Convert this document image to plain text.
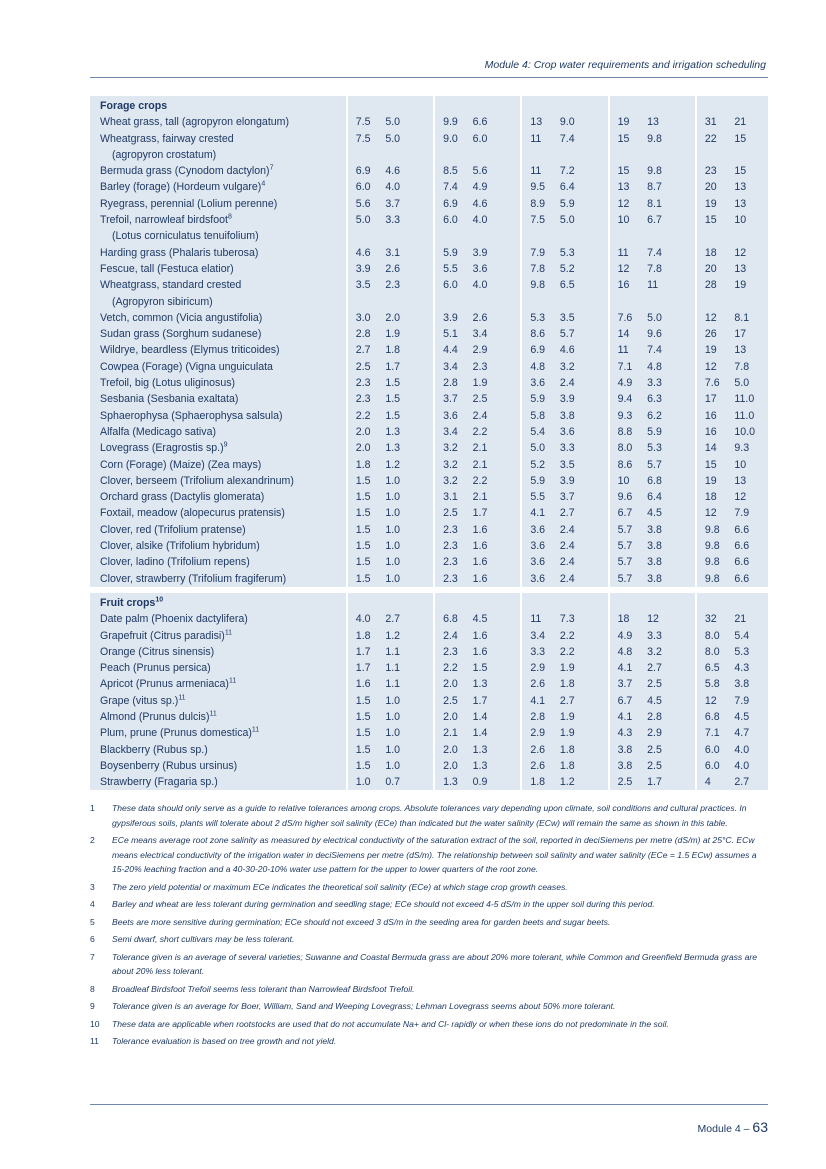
Module 4: Crop water requirements and irrigation scheduling
Forage crops										
Wheat grass, tall (agropyron elongatum)	7.5	5.0	9.9	6.6	13	9.0	19	13	31	21
Wheatgrass, fairway crested
(agropyron crostatum)	7.5	5.0	9.0	6.0	11	7.4	15	9.8	22	15
Bermuda grass (Cynodom dactylon)$^7$	6.9	4.6	8.5	5.6	11	7.2	15	9.8	23	15
Barley (forage) (Hordeum vulgare)$^4$	6.0	4.0	7.4	4.9	9.5	6.4	13	8.7	20	13
Ryegrass, perennial (Lolium perenne)	5.6	3.7	6.9	4.6	8.9	5.9	12	8.1	19	13
Trefoil, narrowleaf birdsfoot$^8$
(Lotus corniculatus tenuifolium)	5.0	3.3	6.0	4.0	7.5	5.0	10	6.7	15	10
Harding grass (Phalaris tuberosa)	4.6	3.1	5.9	3.9	7.9	5.3	11	7.4	18	12
Fescue, tall (Festuca elatior)	3.9	2.6	5.5	3.6	7.8	5.2	12	7.8	20	13
Wheatgrass, standard crested
(Agropyron sibiricum)	3.5	2.3	6.0	4.0	9.8	6.5	16	11	28	19
Vetch, common (Vicia angustifolia)	3.0	2.0	3.9	2.6	5.3	3.5	7.6	5.0	12	8.1
Sudan grass (Sorghum sudanese)	2.8	1.9	5.1	3.4	8.6	5.7	14	9.6	26	17
Wildrye, beardless (Elymus triticoides)	2.7	1.8	4.4	2.9	6.9	4.6	11	7.4	19	13
Cowpea (Forage) (Vigna unguiculata	2.5	1.7	3.4	2.3	4.8	3.2	7.1	4.8	12	7.8
Trefoil, big (Lotus uliginosus)	2.3	1.5	2.8	1.9	3.6	2.4	4.9	3.3	7.6	5.0
Sesbania (Sesbania exaltata)	2.3	1.5	3.7	2.5	5.9	3.9	9.4	6.3	17	11.0
Sphaerophysa (Sphaerophysa salsula)	2.2	1.5	3.6	2.4	5.8	3.8	9.3	6.2	16	11.0
Alfalfa (Medicago sativa)	2.0	1.3	3.4	2.2	5.4	3.6	8.8	5.9	16	10.0
Lovegrass (Eragrostis sp.)$^9$	2.0	1.3	3.2	2.1	5.0	3.3	8.0	5.3	14	9.3
Corn (Forage) (Maize) (Zea mays)	1.8	1.2	3.2	2.1	5.2	3.5	8.6	5.7	15	10
Clover, berseem (Trifolium alexandrinum)	1.5	1.0	3.2	2.2	5.9	3.9	10	6.8	19	13
Orchard grass (Dactylis glomerata)	1.5	1.0	3.1	2.1	5.5	3.7	9.6	6.4	18	12
Foxtail, meadow (alopecurus pratensis)	1.5	1.0	2.5	1.7	4.1	2.7	6.7	4.5	12	7.9
Clover, red (Trifolium pratense)	1.5	1.0	2.3	1.6	3.6	2.4	5.7	3.8	9.8	6.6
Clover, alsike (Trifolium hybridum)	1.5	1.0	2.3	1.6	3.6	2.4	5.7	3.8	9.8	6.6
Clover, ladino (Trifolium repens)	1.5	1.0	2.3	1.6	3.6	2.4	5.7	3.8	9.8	6.6
Clover, strawberry (Trifolium fragiferum)	1.5	1.0	2.3	1.6	3.6	2.4	5.7	3.8	9.8	6.6

Fruit crops$^{10}$										
Date palm (Phoenix dactylifera)	4.0	2.7	6.8	4.5	11	7.3	18	12	32	21
Grapefruit (Citrus paradisi)$^{11}$	1.8	1.2	2.4	1.6	3.4	2.2	4.9	3.3	8.0	5.4
Orange (Citrus sinensis)	1.7	1.1	2.3	1.6	3.3	2.2	4.8	3.2	8.0	5.3
Peach (Prunus persica)	1.7	1.1	2.2	1.5	2.9	1.9	4.1	2.7	6.5	4.3
Apricot (Prunus armeniaca)$^{11}$	1.6	1.1	2.0	1.3	2.6	1.8	3.7	2.5	5.8	3.8
Grape (vitus sp.)$^{11}$	1.5	1.0	2.5	1.7	4.1	2.7	6.7	4.5	12	7.9
Almond (Prunus dulcis)$^{11}$	1.5	1.0	2.0	1.4	2.8	1.9	4.1	2.8	6.8	4.5
Plum, prune (Prunus domestica)$^{11}$	1.5	1.0	2.1	1.4	2.9	1.9	4.3	2.9	7.1	4.7
Blackberry (Rubus sp.)	1.5	1.0	2.0	1.3	2.6	1.8	3.8	2.5	6.0	4.0
Boysenberry (Rubus ursinus)	1.5	1.0	2.0	1.3	2.6	1.8	3.8	2.5	6.0	4.0
Strawberry (Fragaria sp.)	1.0	0.7	1.3	0.9	1.8	1.2	2.5	1.7	4	2.7
1	These data should only serve as a guide to relative tolerances among crops. Absolute tolerances vary depending upon climate, soil conditions and cultural practices. In gypsiferous soils, plants will tolerate about 2 dS/m higher soil salinity (ECe) than indicated but the water salinity (ECw) will remain the same as shown in this table.
2	ECe means average root zone salinity as measured by electrical conductivity of the saturation extract of the soil, reported in deciSiemens per metre (dS/m) at 25°C. ECw means electrical conductivity of the irrigation water in deciSiemens per metre (dS/m). The relationship between soil salinity and water salinity (ECe = 1.5 ECw) assumes a 15-20% leaching fraction and a 40-30-20-10% water use pattern for the upper to lower quarters of the root zone.
3	The zero yield potential or maximum ECe indicates the theoretical soil salinity (ECe) at which stage crop growth ceases.
4	Barley and wheat are less tolerant during germination and seedling stage; ECe should not exceed 4-5 dS/m in the upper soil during this period.
5	Beets are more sensitive during germination; ECe should not exceed 3 dS/m in the seeding area for garden beets and sugar beets.
6	Semi dwarf, short cultivars may be less tolerant.
7	Tolerance given is an average of several varieties; Suwanne and Coastal Bermuda grass are about 20% more tolerant, while Common and Greenfield Bermuda grass are about 20% less tolerant.
8	Broadleaf Birdsfoot Trefoil seems less tolerant than Narrowleaf Birdsfoot Trefoil.
9	Tolerance given is an average for Boer, William, Sand and Weeping Lovegrass; Lehman Lovegrass seems about 50% more tolerant.
10	These data are applicable when rootstocks are used that do not accumulate Na+ and Cl- rapidly or when these ions do not predominate in the soil.
11	Tolerance evaluation is based on tree growth and not yield.
Module 4 – 63
